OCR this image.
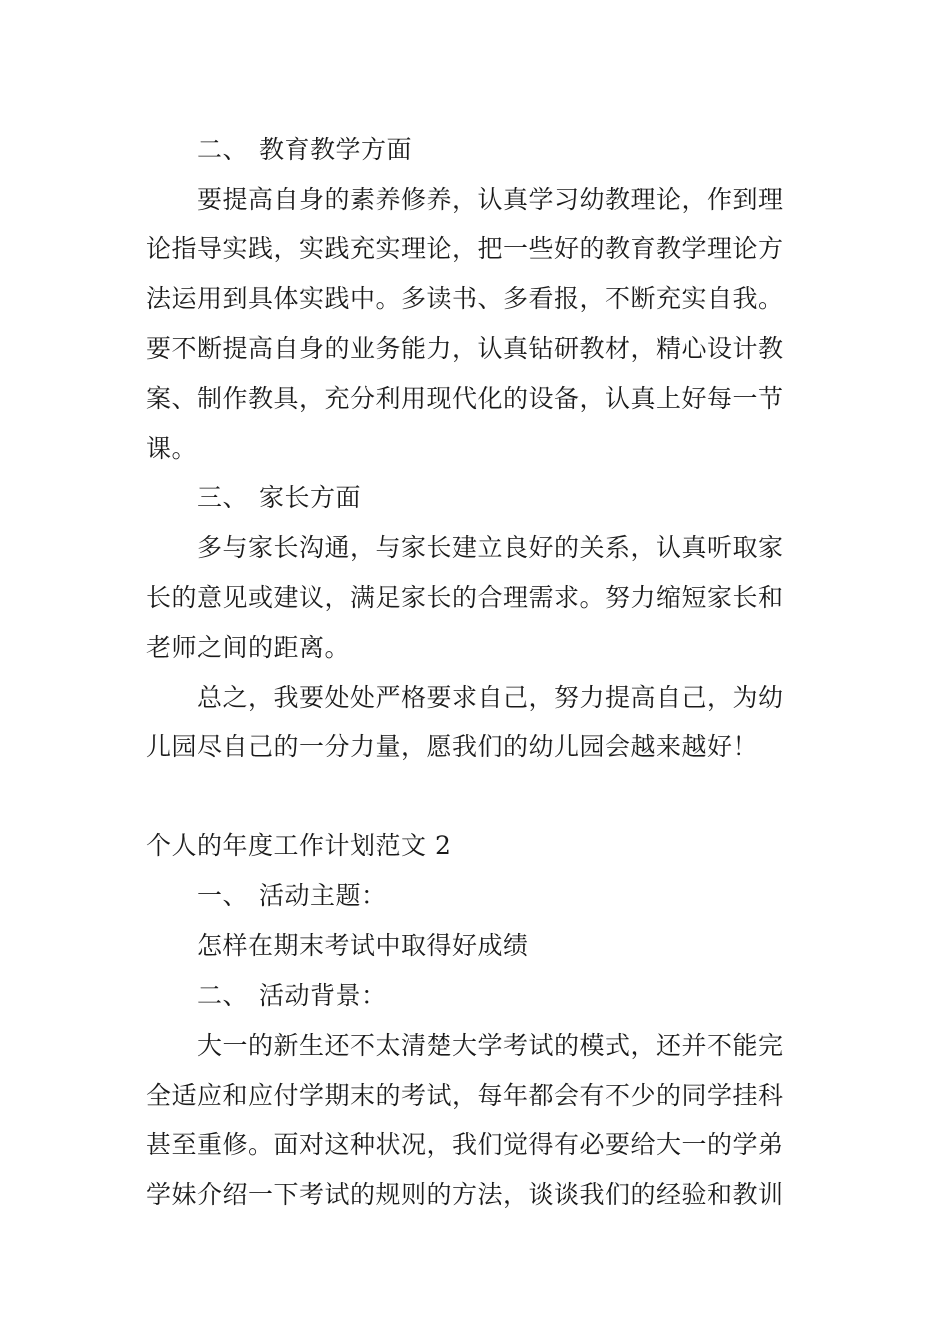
二、 教育教学方面
要提高自身的素养修养，认真学习幼教理论，作到理
论指导实践，实践充实理论，把一些好的教育教学理论方
法运用到具体实践中。多读书、多看报，不断充实自我。
要不断提高自身的业务能力，认真钻研教材，精心设计教
案、制作教具，充分利用现代化的设备，认真上好每一节
课。
三、 家长方面
多与家长沟通，与家长建立良好的关系，认真听取家
长的意见或建议，满足家长的合理需求。努力缩短家长和
老师之间的距离。
总之，我要处处严格要求自己，努力提高自己，为幼
儿园尽自己的一分力量，愿我们的幼儿园会越来越好！
个人的年度工作计划范文 2
一、 活动主题：
怎样在期末考试中取得好成绩
二、 活动背景：
大一的新生还不太清楚大学考试的模式，还并不能完
全适应和应付学期末的考试，每年都会有不少的同学挂科
甚至重修。面对这种状况，我们觉得有必要给大一的学弟
学妹介绍一下考试的规则的方法，谈谈我们的经验和教训
